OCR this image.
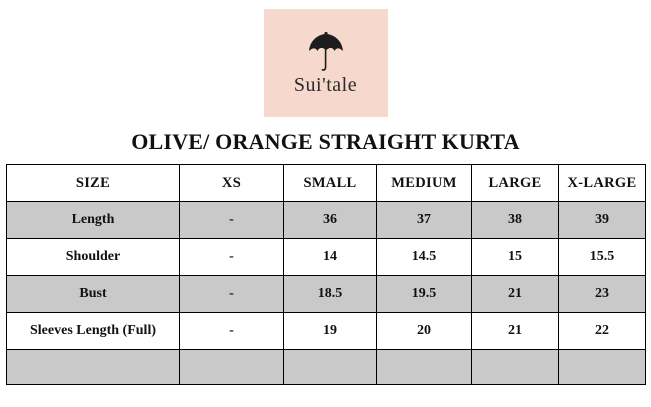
Sui'tale
OLIVE/ ORANGE STRAIGHT KURTA
SIZE	XS	SMALL	MEDIUM	LARGE	X-LARGE
Length	-	36	37	38	39
Shoulder	-	14	14.5	15	15.5
Bust	-	18.5	19.5	21	23
Sleeves Length (Full)	-	19	20	21	22
